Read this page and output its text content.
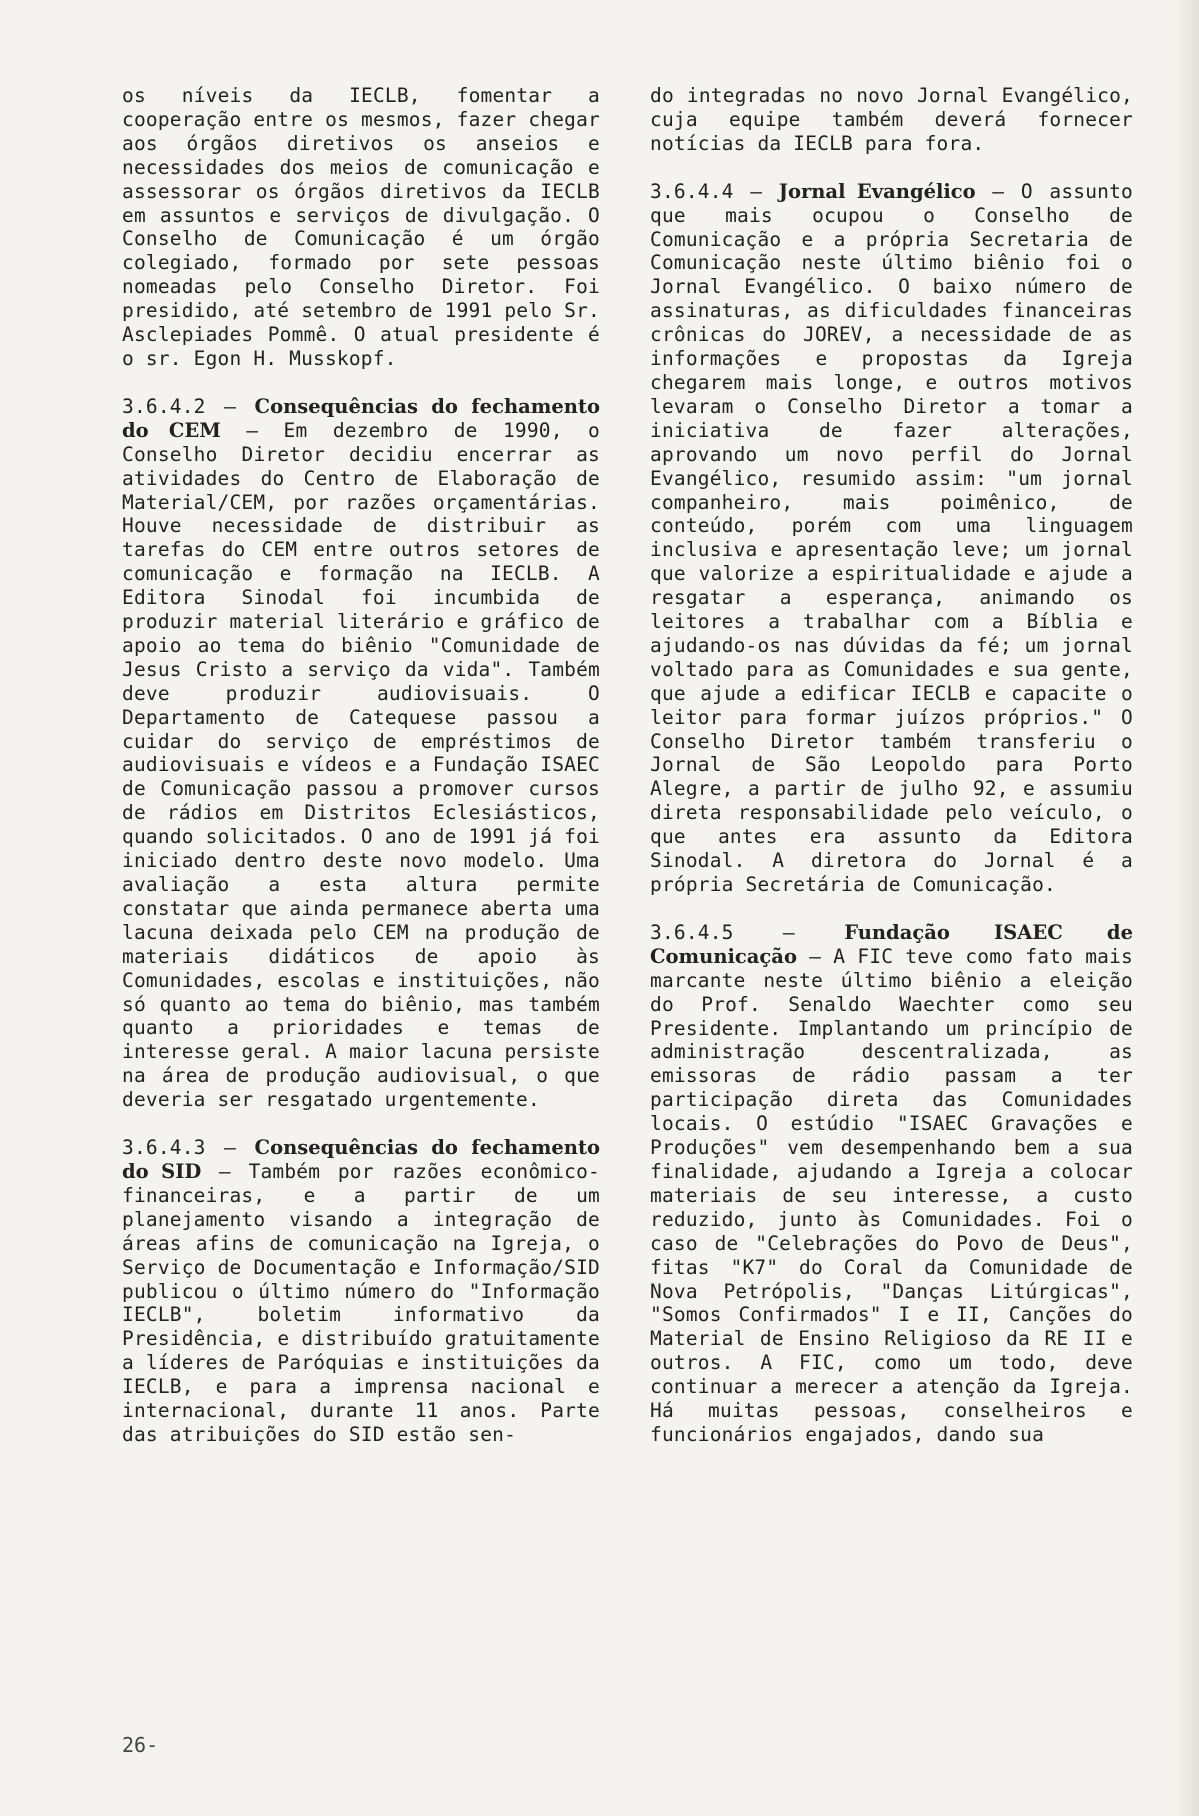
os níveis da IECLB, fomentar a cooperação entre os mesmos, fazer chegar aos órgãos diretivos os anseios e necessidades dos meios de comunicação e assessorar os órgãos diretivos da IECLB em assuntos e serviços de divulgação. O Conselho de Comunicação é um órgão colegiado, formado por sete pessoas nomeadas pelo Conselho Diretor. Foi presidido, até setembro de 1991 pelo Sr. Asclepiades Pommê. O atual presidente é o sr. Egon H. Musskopf.

3.6.4.2 – Consequências do fechamento do CEM – Em dezembro de 1990, o Conselho Diretor decidiu encerrar as atividades do Centro de Elaboração de Material/CEM, por razões orçamentárias. Houve necessidade de distribuir as tarefas do CEM entre outros setores de comunicação e formação na IECLB. A Editora Sinodal foi incumbida de produzir material literário e gráfico de apoio ao tema do biênio "Comunidade de Jesus Cristo a serviço da vida". Também deve produzir audiovisuais. O Departamento de Catequese passou a cuidar do serviço de empréstimos de audiovisuais e vídeos e a Fundação ISAEC de Comunicação passou a promover cursos de rádios em Distritos Eclesiásticos, quando solicitados. O ano de 1991 já foi iniciado dentro deste novo modelo. Uma avaliação a esta altura permite constatar que ainda permanece aberta uma lacuna deixada pelo CEM na produção de materiais didáticos de apoio às Comunidades, escolas e instituições, não só quanto ao tema do biênio, mas também quanto a prioridades e temas de interesse geral. A maior lacuna persiste na área de produção audiovisual, o que deveria ser resgatado urgentemente.

3.6.4.3 – Consequências do fechamento do SID – Também por razões econômico-financeiras, e a partir de um planejamento visando a integração de áreas afins de comunicação na Igreja, o Serviço de Documentação e Informação/SID publicou o último número do "Informação IECLB", boletim informativo da Presidência, e distribuído gratuitamente a líderes de Paróquias e instituições da IECLB, e para a imprensa nacional e internacional, durante 11 anos. Parte das atribuições do SID estão sen-

do integradas no novo Jornal Evangélico, cuja equipe também deverá fornecer notícias da IECLB para fora.

3.6.4.4 – Jornal Evangélico – O assunto que mais ocupou o Conselho de Comunicação e a própria Secretaria de Comunicação neste último biênio foi o Jornal Evangélico. O baixo número de assinaturas, as dificuldades financeiras crônicas do JOREV, a necessidade de as informações e propostas da Igreja chegarem mais longe, e outros motivos levaram o Conselho Diretor a tomar a iniciativa de fazer alterações, aprovando um novo perfil do Jornal Evangélico, resumido assim: "um jornal companheiro, mais poimênico, de conteúdo, porém com uma linguagem inclusiva e apresentação leve; um jornal que valorize a espiritualidade e ajude a resgatar a esperança, animando os leitores a trabalhar com a Bíblia e ajudando-os nas dúvidas da fé; um jornal voltado para as Comunidades e sua gente, que ajude a edificar IECLB e capacite o leitor para formar juízos próprios." O Conselho Diretor também transferiu o Jornal de São Leopoldo para Porto Alegre, a partir de julho 92, e assumiu direta responsabilidade pelo veículo, o que antes era assunto da Editora Sinodal. A diretora do Jornal é a própria Secretária de Comunicação.

3.6.4.5 –	Fundação ISAEC de Comunicação – A FIC teve como fato mais marcante neste último biênio a eleição do Prof. Senaldo Waechter como seu Presidente. Implantando um princípio de administração descentralizada, as emissoras de rádio passam a ter participação direta das Comunidades locais. O estúdio "ISAEC Gravações e Produções" vem desempenhando bem a sua finalidade, ajudando a Igreja a colocar materiais de seu interesse, a custo reduzido, junto às Comunidades. Foi o caso de "Celebrações do Povo de Deus", fitas "K7" do Coral da Comunidade de Nova Petrópolis, "Danças Litúrgicas", "Somos Confirmados" I e II, Canções do Material de Ensino Religioso da RE II e outros. A FIC, como um todo, deve continuar a merecer a atenção da Igreja. Há muitas pessoas, conselheiros e funcionários engajados, dando sua

26-
